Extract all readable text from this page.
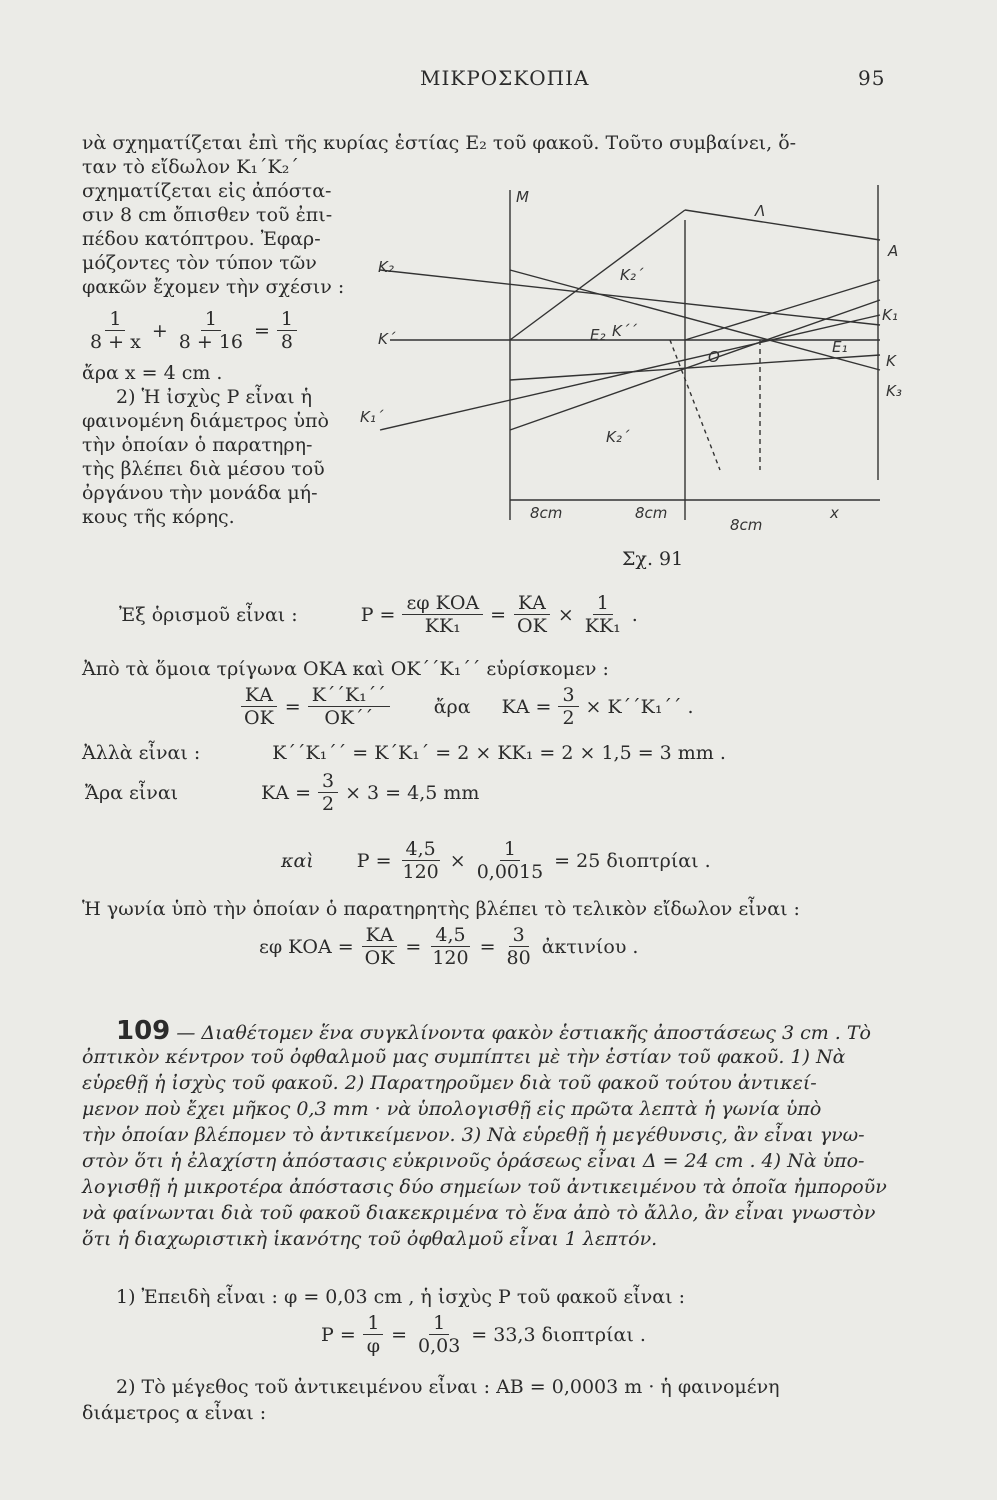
ΜΙΚΡΟΣΚΟΠΙΑ	95
νὰ σχηματίζεται ἐπὶ τῆς κυρίας ἑστίας Ε₂ τοῦ φακοῦ. Τοῦτο συμβαίνει, ὅ-
ταν τὸ εἴδωλον Κ₁΄Κ₂΄
σχηματίζεται εἰς ἀπόστα-
σιν 8 cm ὄπισθεν τοῦ ἐπι-
πέδου κατόπτρου. Ἐφαρ-
μόζοντες τὸν τύπον τῶν
φακῶν ἔχομεν τὴν σχέσιν :
$\frac{1}{8 + x} + \frac{1}{8 + 16} = \frac{1}{8}$
ἄρα x = 4 cm .
2) Ἡ ἰσχὺς Ρ εἶναι ἡ
φαινομένη διάμετρος ὑπὸ
τὴν ὁποίαν ὁ παρατηρη-
τὴς βλέπει διὰ μέσου τοῦ
ὀργάνου τὴν μονάδα μή-
κους τῆς κόρης.
Μ
Λ
Α
Κ₂	Κ₂΄
Κ΄	Ε₂ Κ΄΄
Ο
Ε₁
Κ₁
Κ
Κ₁΄
Κ₂΄
Κ₃
8cm	8cm
8cm
x
Σχ. 91
Ἐξ ὁρισμοῦ εἶναι :	$P = \frac{\text{εφ ΚΟΑ}}{\text{ΚΚ₁}} = \frac{KA}{OK} \times \frac{1}{\text{ΚΚ₁}}$ .
Ἀπὸ τὰ ὅμοια τρίγωνα ΟΚΑ καὶ ΟΚ΄΄Κ₁΄΄ εὑρίσκομεν :
$\frac{KA}{OK} = \frac{\text{Κ΄΄Κ₁΄΄}}{OK΄΄}$ ἄρα $KA = \frac{3}{2} \times K΄΄K_1΄΄$ .
Ἀλλὰ εἶναι :	Κ΄΄Κ₁΄΄ = Κ΄Κ₁΄ = 2 × ΚΚ₁ = 2 × 1,5 = 3 mm .
Ἄρα εἶναι	$KA = \frac{3}{2} \times 3 = 4,5$ mm
καὶ $P = \frac{4,5}{120} \times \frac{1}{0,0015} = 25$ διοπτρίαι .
Ἡ γωνία ὑπὸ τὴν ὁποίαν ὁ παρατηρητὴς βλέπει τὸ τελικὸν εἴδωλον εἶναι :
εφ $KOA = \frac{KA}{OK} = \frac{4,5}{120} = \frac{3}{80}$ ἀκτινίου .
109 — Διαθέτομεν ἕνα συγκλίνοντα φακὸν ἑστιακῆς ἀποστάσεως 3 cm . Τὸ
ὀπτικὸν κέντρον τοῦ ὀφθαλμοῦ μας συμπίπτει μὲ τὴν ἑστίαν τοῦ φακοῦ. 1) Νὰ
εὑρεθῇ ἡ ἰσχὺς τοῦ φακοῦ. 2) Παρατηροῦμεν διὰ τοῦ φακοῦ τούτου ἀντικεί-
μενον ποὺ ἔχει μῆκος 0,3 mm · νὰ ὑπολογισθῇ εἰς πρῶτα λεπτὰ ἡ γωνία ὑπὸ
τὴν ὁποίαν βλέπομεν τὸ ἀντικείμενον. 3) Νὰ εὑρεθῇ ἡ μεγέθυνσις, ἂν εἶναι γνω-
στὸν ὅτι ἡ ἐλαχίστη ἀπόστασις εὐκρινοῦς ὁράσεως εἶναι Δ = 24 cm . 4) Νὰ ὑπο-
λογισθῇ ἡ μικροτέρα ἀπόστασις δύο σημείων τοῦ ἀντικειμένου τὰ ὁποῖα ἠμποροῦν
νὰ φαίνωνται διὰ τοῦ φακοῦ διακεκριμένα τὸ ἕνα ἀπὸ τὸ ἄλλο, ἂν εἶναι γνωστὸν
ὅτι ἡ διαχωριστικὴ ἱκανότης τοῦ ὀφθαλμοῦ εἶναι 1 λεπτόν.
1) Ἐπειδὴ εἶναι : φ = 0,03 cm , ἡ ἰσχὺς Ρ τοῦ φακοῦ εἶναι :
$P = \frac{1}{\varphi} = \frac{1}{0,03} = 33,3$ διοπτρίαι .
2) Τὸ μέγεθος τοῦ ἀντικειμένου εἶναι : ΑΒ = 0,0003 m · ἡ φαινομένη
διάμετρος α εἶναι :
